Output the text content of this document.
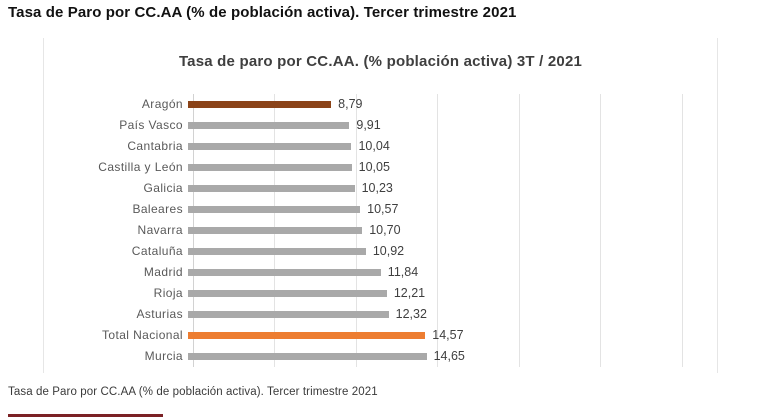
Tasa de Paro por CC.AA (% de población activa). Tercer trimestre 2021
Tasa de paro por CC.AA. (% población activa) 3T / 2021
Aragón	8,79
País Vasco	9,91
Cantabria	10,04
Castilla y León	10,05
Galicia	10,23
Baleares	10,57
Navarra	10,70
Cataluña	10,92
Madrid	11,84
Rioja	12,21
Asturias	12,32
Total Nacional	14,57
Murcia	14,65
Tasa de Paro por CC.AA (% de población activa). Tercer trimestre 2021
